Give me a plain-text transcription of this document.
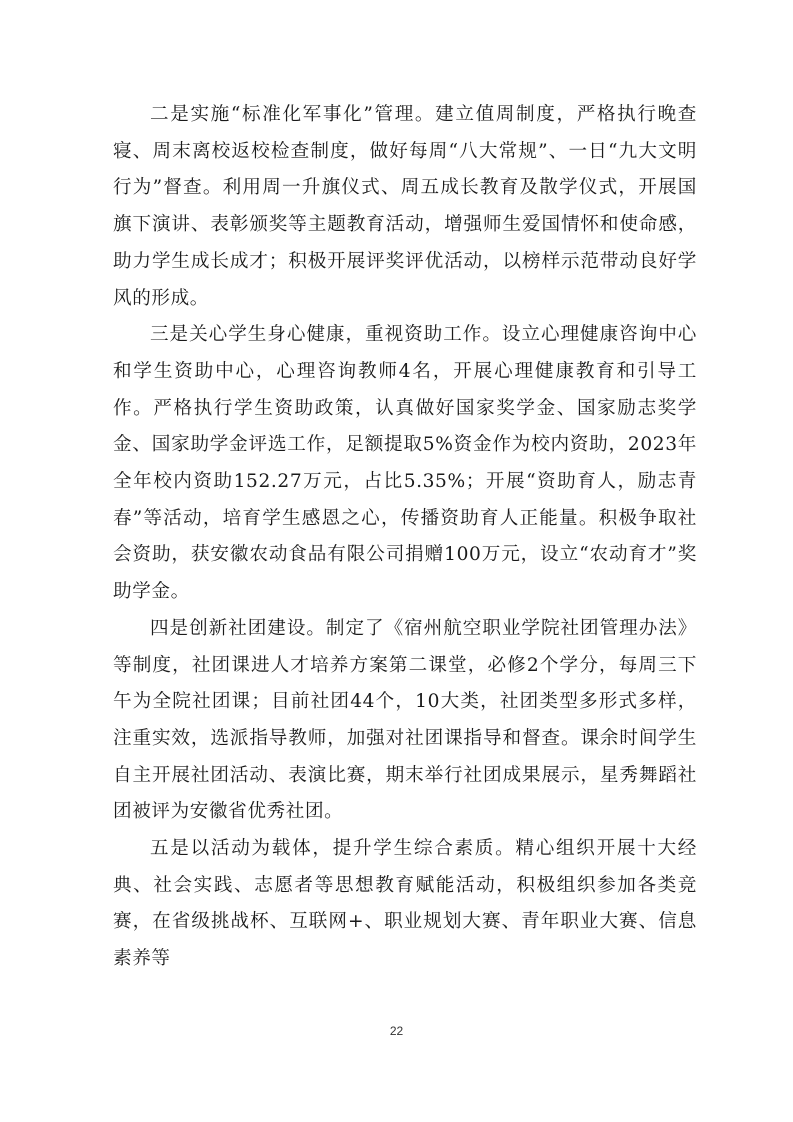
二是实施“标准化军事化”管理。建立值周制度，严格执行晚查寝、周末离校返校检查制度，做好每周“八大常规”、一日“九大文明行为”督查。利用周一升旗仪式、周五成长教育及散学仪式，开展国旗下演讲、表彰颁奖等主题教育活动，增强师生爱国情怀和使命感，助力学生成长成才；积极开展评奖评优活动，以榜样示范带动良好学风的形成。

三是关心学生身心健康，重视资助工作。设立心理健康咨询中心和学生资助中心，心理咨询教师4名，开展心理健康教育和引导工作。严格执行学生资助政策，认真做好国家奖学金、国家励志奖学金、国家助学金评选工作，足额提取5%资金作为校内资助，2023年全年校内资助152.27万元，占比5.35%；开展“资助育人，励志青春”等活动，培育学生感恩之心，传播资助育人正能量。积极争取社会资助，获安徽农动食品有限公司捐赠100万元，设立“农动育才”奖助学金。

四是创新社团建设。制定了《宿州航空职业学院社团管理办法》等制度，社团课进人才培养方案第二课堂，必修2个学分，每周三下午为全院社团课；目前社团44个，10大类，社团类型多形式多样，注重实效，选派指导教师，加强对社团课指导和督查。课余时间学生自主开展社团活动、表演比赛，期末举行社团成果展示，星秀舞蹈社团被评为安徽省优秀社团。

五是以活动为载体，提升学生综合素质。精心组织开展十大经典、社会实践、志愿者等思想教育赋能活动，积极组织参加各类竞赛，在省级挑战杯、互联网+、职业规划大赛、青年职业大赛、信息素养等

22
